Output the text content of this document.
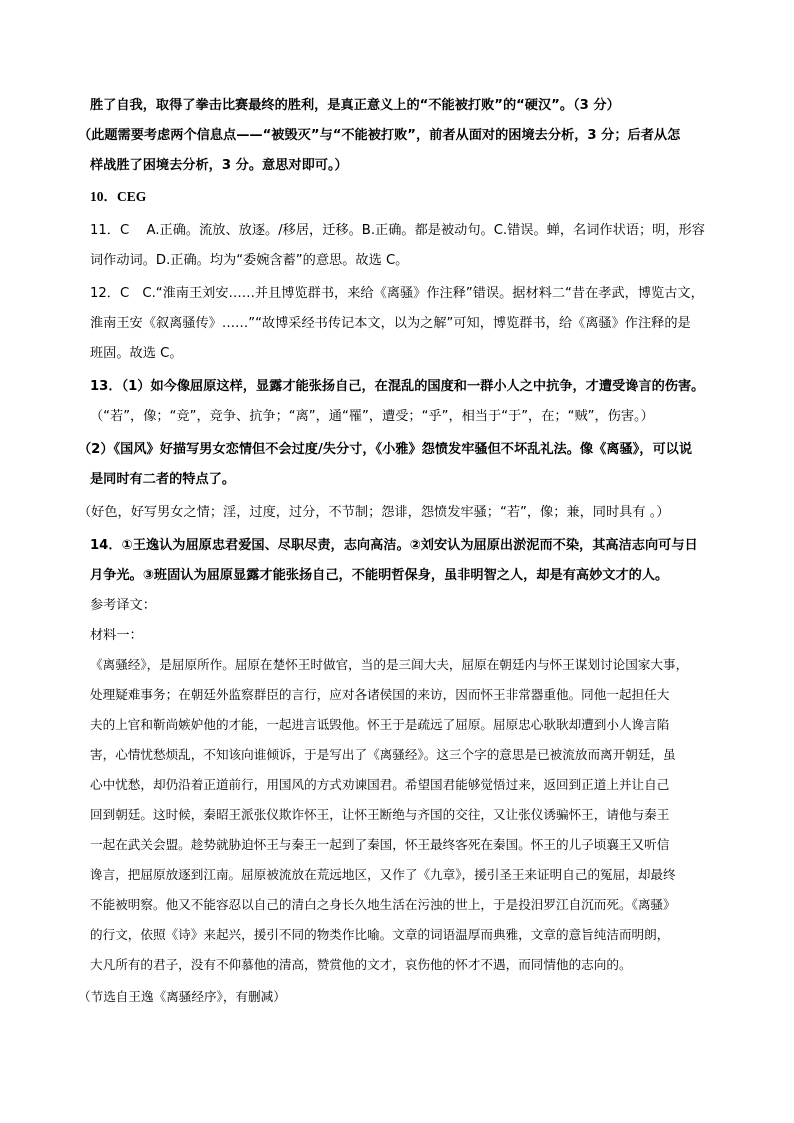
胜了自我，取得了拳击比赛最终的胜利，是真正意义上的“不能被打败”的“硬汉”。（3 分）
（此题需要考虑两个信息点——“被毁灭”与“不能被打败”，前者从面对的困境去分析，3 分；后者从怎
样战胜了困境去分析，3 分。意思对即可。）
10．CEG
11．C　 A.正确。流放、放逐。/移居，迁移。B.正确。都是被动句。C.错误。蝉，名词作状语；明，形容
词作动词。D.正确。均为“委婉含蓄”的意思。故选 C。
12．C　C.“淮南王刘安……并且博览群书，来给《离骚》作注释”错误。据材料二“昔在孝武，博览古文，
淮南王安《叙离骚传》……”“故博采经书传记本文，以为之解”可知，博览群书，给《离骚》作注释的是
班固。故选 C。
13．（1）如今像屈原这样，显露才能张扬自己，在混乱的国度和一群小人之中抗争，才遭受谗言的伤害。
（“若”，像；“竞”，竞争、抗争；“离”，通“罹”，遭受；“乎”，相当于“于”，在；“贼”，伤害。）
（2）《国风》好描写男女恋情但不会过度/失分寸，《小雅》怨愤发牢骚但不坏乱礼法。像《离骚》，可以说
是同时有二者的特点了。
（好色，好写男女之情；淫，过度，过分，不节制；怨诽，怨愤发牢骚；“若”，像；兼，同时具有 。）
14．①王逸认为屈原忠君爱国、尽职尽责，志向高洁。②刘安认为屈原出淤泥而不染，其高洁志向可与日
月争光。③班固认为屈原显露才能张扬自己，不能明哲保身，虽非明智之人，却是有高妙文才的人。
参考译文：
材料一：
《离骚经》，是屈原所作。屈原在楚怀王时做官，当的是三闾大夫，屈原在朝廷内与怀王谋划讨论国家大事，
处理疑难事务；在朝廷外监察群臣的言行，应对各诸侯国的来访，因而怀王非常器重他。同他一起担任大
夫的上官和靳尚嫉妒他的才能，一起进言诋毁他。怀王于是疏远了屈原。屈原忠心耿耿却遭到小人谗言陷
害，心情忧愁烦乱，不知该向谁倾诉，于是写出了《离骚经》。这三个字的意思是已被流放而离开朝廷，虽
心中忧愁，却仍沿着正道前行，用国风的方式劝谏国君。希望国君能够觉悟过来，返回到正道上并让自己
回到朝廷。这时候，秦昭王派张仪欺诈怀王，让怀王断绝与齐国的交往，又让张仪诱骗怀王，请他与秦王
一起在武关会盟。趁势就胁迫怀王与秦王一起到了秦国，怀王最终客死在秦国。怀王的儿子顷襄王又听信
谗言，把屈原放逐到江南。屈原被流放在荒远地区，又作了《九章》，援引圣王来证明自己的冤屈，却最终
不能被明察。他又不能容忍以自己的清白之身长久地生活在污浊的世上，于是投汨罗江自沉而死。《离骚》
的行文，依照《诗》来起兴，援引不同的物类作比喻。文章的词语温厚而典雅，文章的意旨纯洁而明朗，
大凡所有的君子，没有不仰慕他的清高，赞赏他的文才，哀伤他的怀才不遇，而同情他的志向的。
（节选自王逸《离骚经序》，有删减）
